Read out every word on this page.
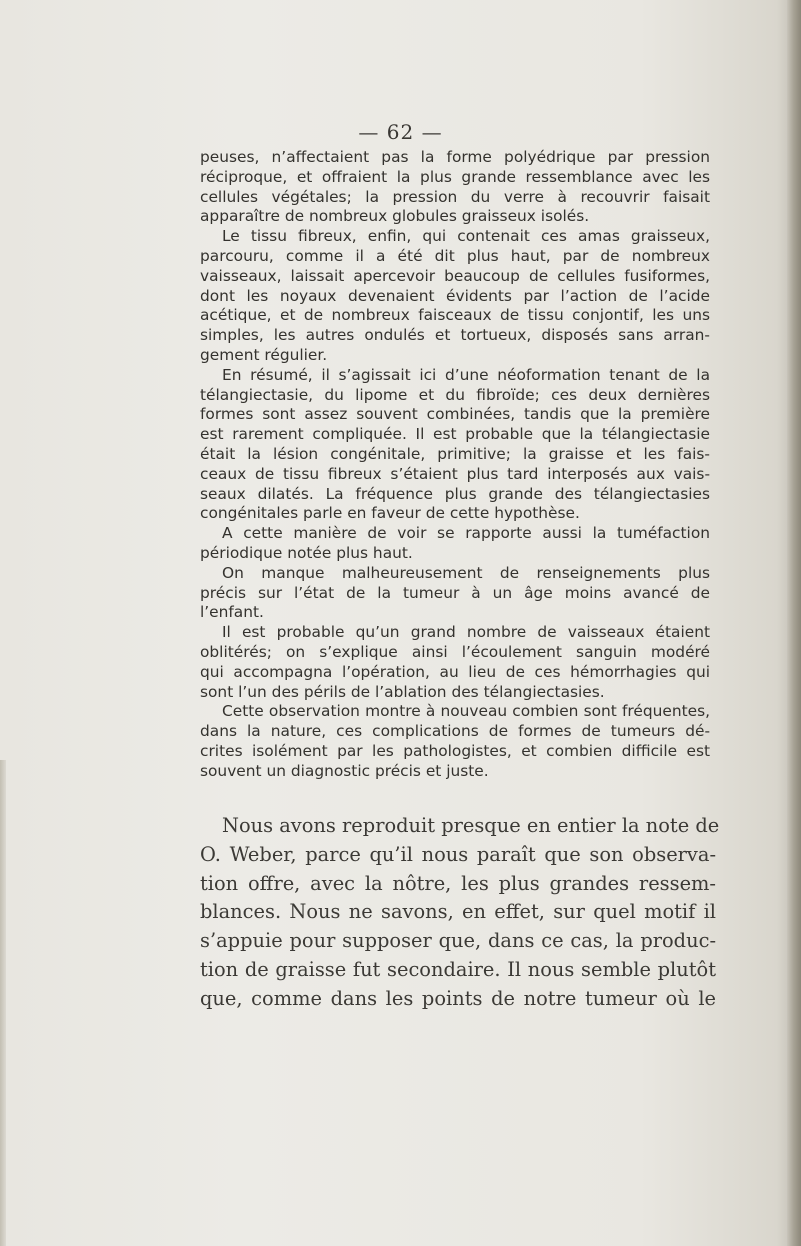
— 62 —
peuses, n’affectaient pas la forme polyédrique par pression
réciproque, et offraient la plus grande ressemblance avec les
cellules végétales; la pression du verre à recouvrir faisait
apparaître de nombreux globules graisseux isolés.
Le tissu fibreux, enfin, qui contenait ces amas graisseux,
parcouru, comme il a été dit plus haut, par de nombreux
vaisseaux, laissait apercevoir beaucoup de cellules fusiformes,
dont les noyaux devenaient évidents par l’action de l’acide
acétique, et de nombreux faisceaux de tissu conjontif, les uns
simples, les autres ondulés et tortueux, disposés sans arran-
gement régulier.
En résumé, il s’agissait ici d’une néoformation tenant de la
télangiectasie, du lipome et du fibroïde; ces deux dernières
formes sont assez souvent combinées, tandis que la première
est rarement compliquée. Il est probable que la télangiectasie
était la lésion congénitale, primitive; la graisse et les fais-
ceaux de tissu fibreux s’étaient plus tard interposés aux vais-
seaux dilatés. La fréquence plus grande des télangiectasies
congénitales parle en faveur de cette hypothèse.
A cette manière de voir se rapporte aussi la tuméfaction
périodique notée plus haut.
On manque malheureusement de renseignements plus
précis sur l’état de la tumeur à un âge moins avancé de
l’enfant.
Il est probable qu’un grand nombre de vaisseaux étaient
oblitérés; on s’explique ainsi l’écoulement sanguin modéré
qui accompagna l’opération, au lieu de ces hémorrhagies qui
sont l’un des périls de l’ablation des télangiectasies.
Cette observation montre à nouveau combien sont fréquentes,
dans la nature, ces complications de formes de tumeurs dé-
crites isolément par les pathologistes, et combien difficile est
souvent un diagnostic précis et juste.
Nous avons reproduit presque en entier la note de
O. Weber, parce qu’il nous paraît que son observa-
tion offre, avec la nôtre, les plus grandes ressem-
blances. Nous ne savons, en effet, sur quel motif il
s’appuie pour supposer que, dans ce cas, la produc-
tion de graisse fut secondaire. Il nous semble plutôt
que, comme dans les points de notre tumeur où le
